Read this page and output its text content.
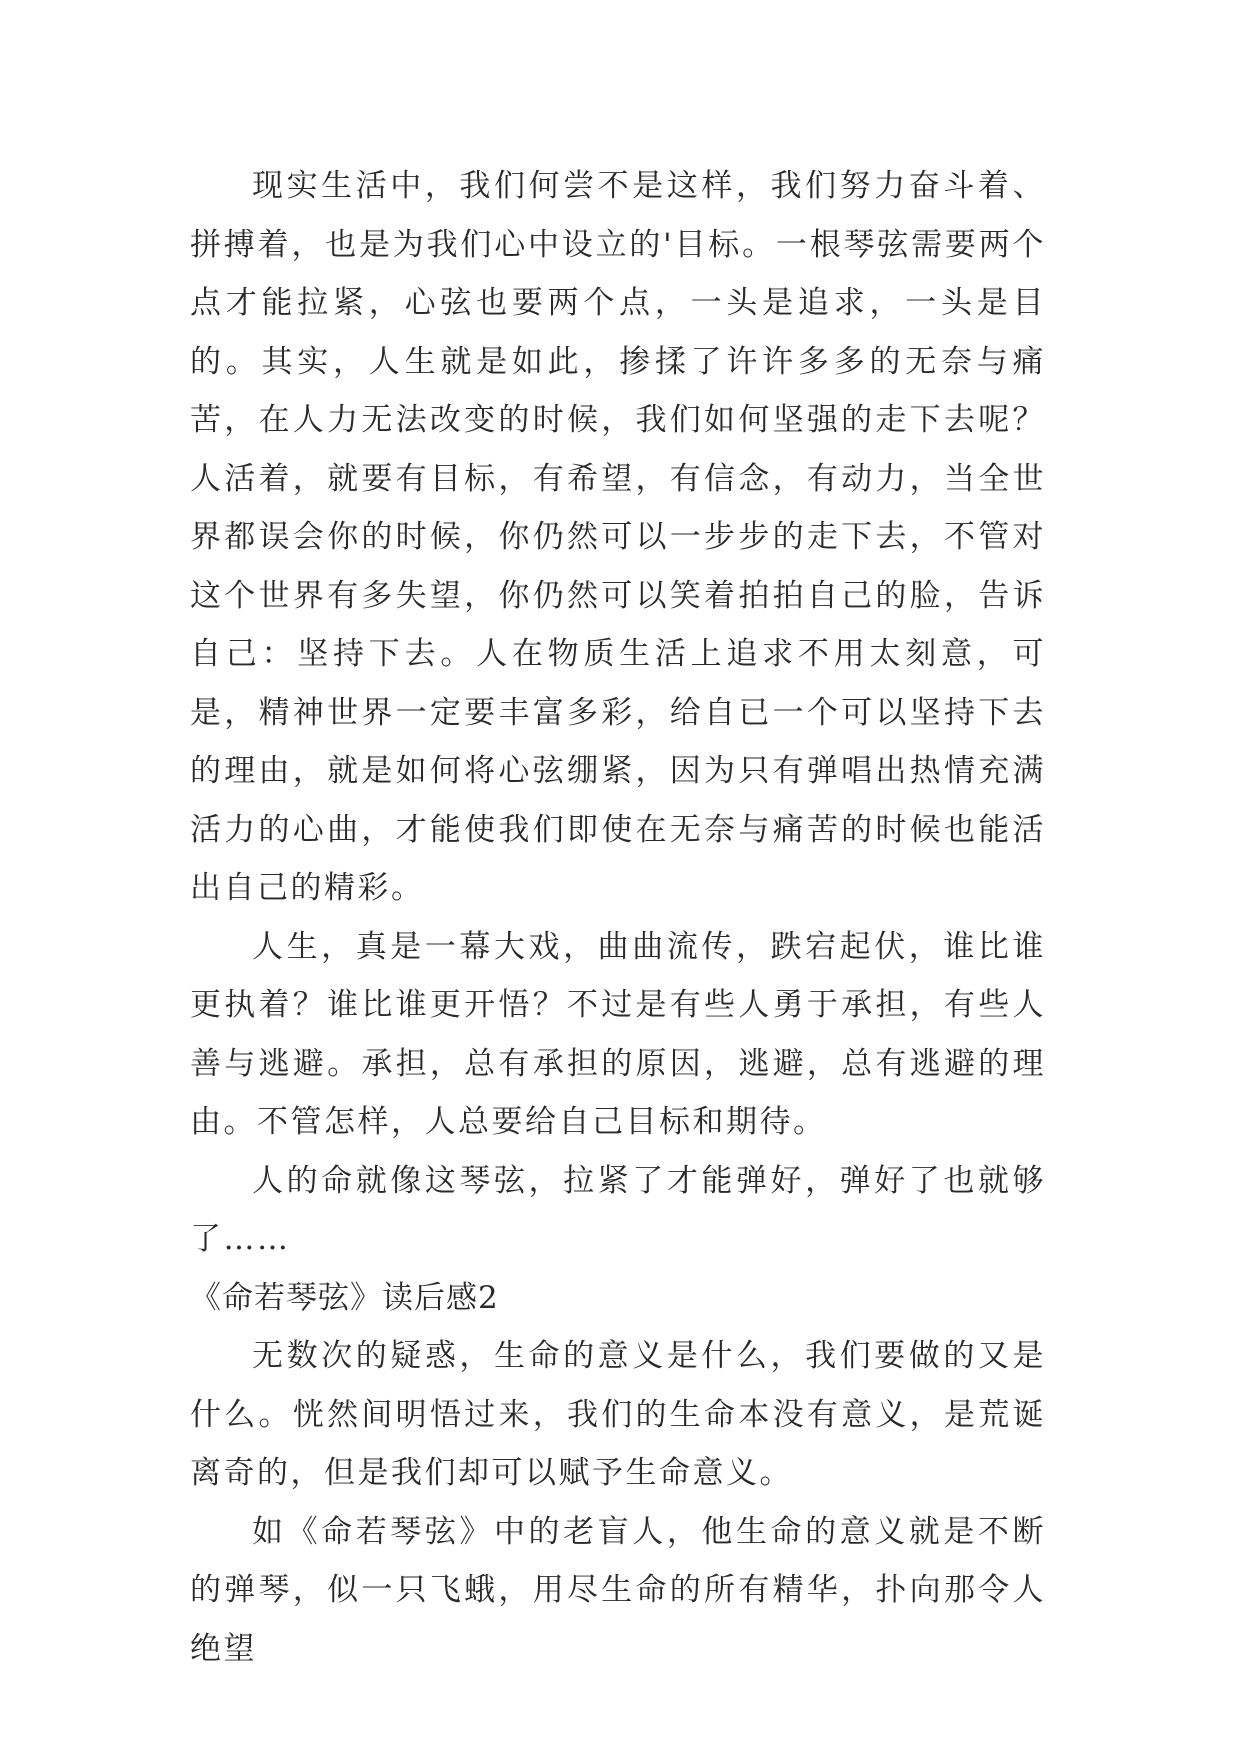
现实生活中，我们何尝不是这样，我们努力奋斗着、拼搏着，也是为我们心中设立的'目标。一根琴弦需要两个点才能拉紧，心弦也要两个点，一头是追求，一头是目的。其实，人生就是如此，掺揉了许许多多的无奈与痛苦，在人力无法改变的时候，我们如何坚强的走下去呢？人活着，就要有目标，有希望，有信念，有动力，当全世界都误会你的时候，你仍然可以一步步的走下去，不管对这个世界有多失望，你仍然可以笑着拍拍自己的脸，告诉自己：坚持下去。人在物质生活上追求不用太刻意，可是，精神世界一定要丰富多彩，给自已一个可以坚持下去的理由，就是如何将心弦绷紧，因为只有弹唱出热情充满活力的心曲，才能使我们即使在无奈与痛苦的时候也能活出自己的精彩。

人生，真是一幕大戏，曲曲流传，跌宕起伏，谁比谁更执着？谁比谁更开悟？不过是有些人勇于承担，有些人善与逃避。承担，总有承担的原因，逃避，总有逃避的理由。不管怎样，人总要给自己目标和期待。

人的命就像这琴弦，拉紧了才能弹好，弹好了也就够了……

《命若琴弦》读后感2

无数次的疑惑，生命的意义是什么，我们要做的又是什么。恍然间明悟过来，我们的生命本没有意义，是荒诞离奇的，但是我们却可以赋予生命意义。

如《命若琴弦》中的老盲人，他生命的意义就是不断的弹琴，似一只飞蛾，用尽生命的所有精华，扑向那令人绝望
